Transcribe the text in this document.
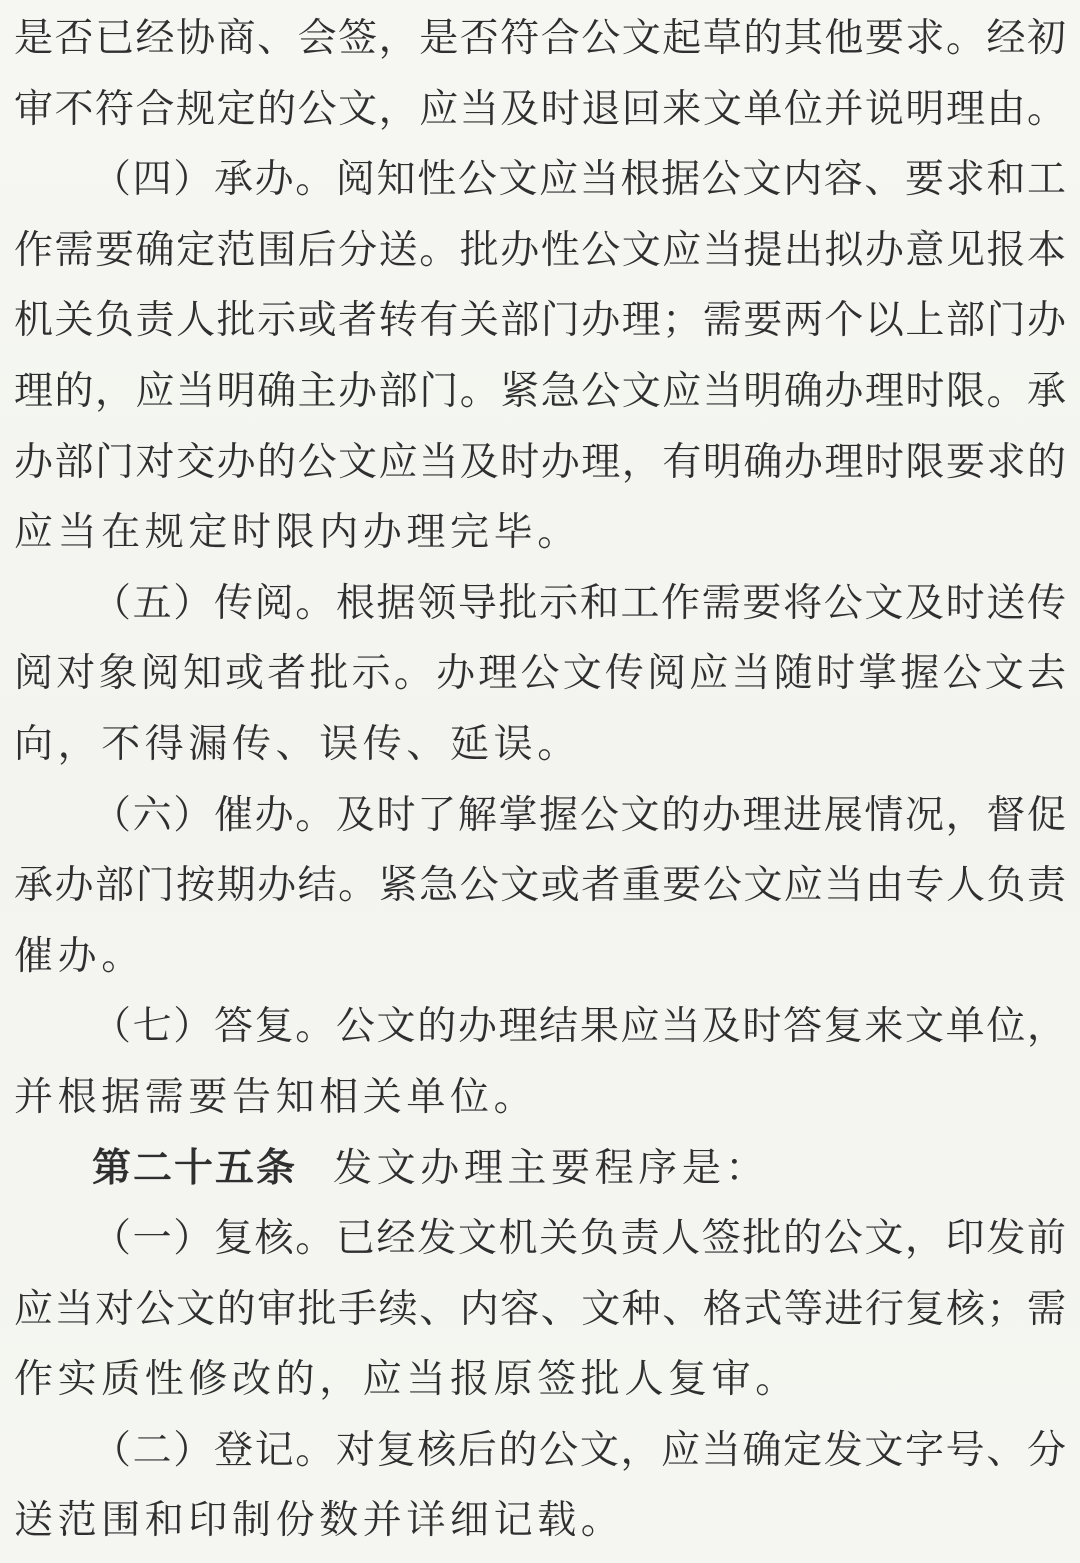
是否已经协商、会签，是否符合公文起草的其他要求。经初
审不符合规定的公文，应当及时退回来文单位并说明理由。
（四）承办。阅知性公文应当根据公文内容、要求和工
作需要确定范围后分送。批办性公文应当提出拟办意见报本
机关负责人批示或者转有关部门办理；需要两个以上部门办
理的，应当明确主办部门。紧急公文应当明确办理时限。承
办部门对交办的公文应当及时办理，有明确办理时限要求的
应当在规定时限内办理完毕。
（五）传阅。根据领导批示和工作需要将公文及时送传
阅对象阅知或者批示。办理公文传阅应当随时掌握公文去
向，不得漏传、误传、延误。
（六）催办。及时了解掌握公文的办理进展情况，督促
承办部门按期办结。紧急公文或者重要公文应当由专人负责
催办。
（七）答复。公文的办理结果应当及时答复来文单位，
并根据需要告知相关单位。
第二十五条 发文办理主要程序是：
（一）复核。已经发文机关负责人签批的公文，印发前
应当对公文的审批手续、内容、文种、格式等进行复核；需
作实质性修改的，应当报原签批人复审。
（二）登记。对复核后的公文，应当确定发文字号、分
送范围和印制份数并详细记载。
